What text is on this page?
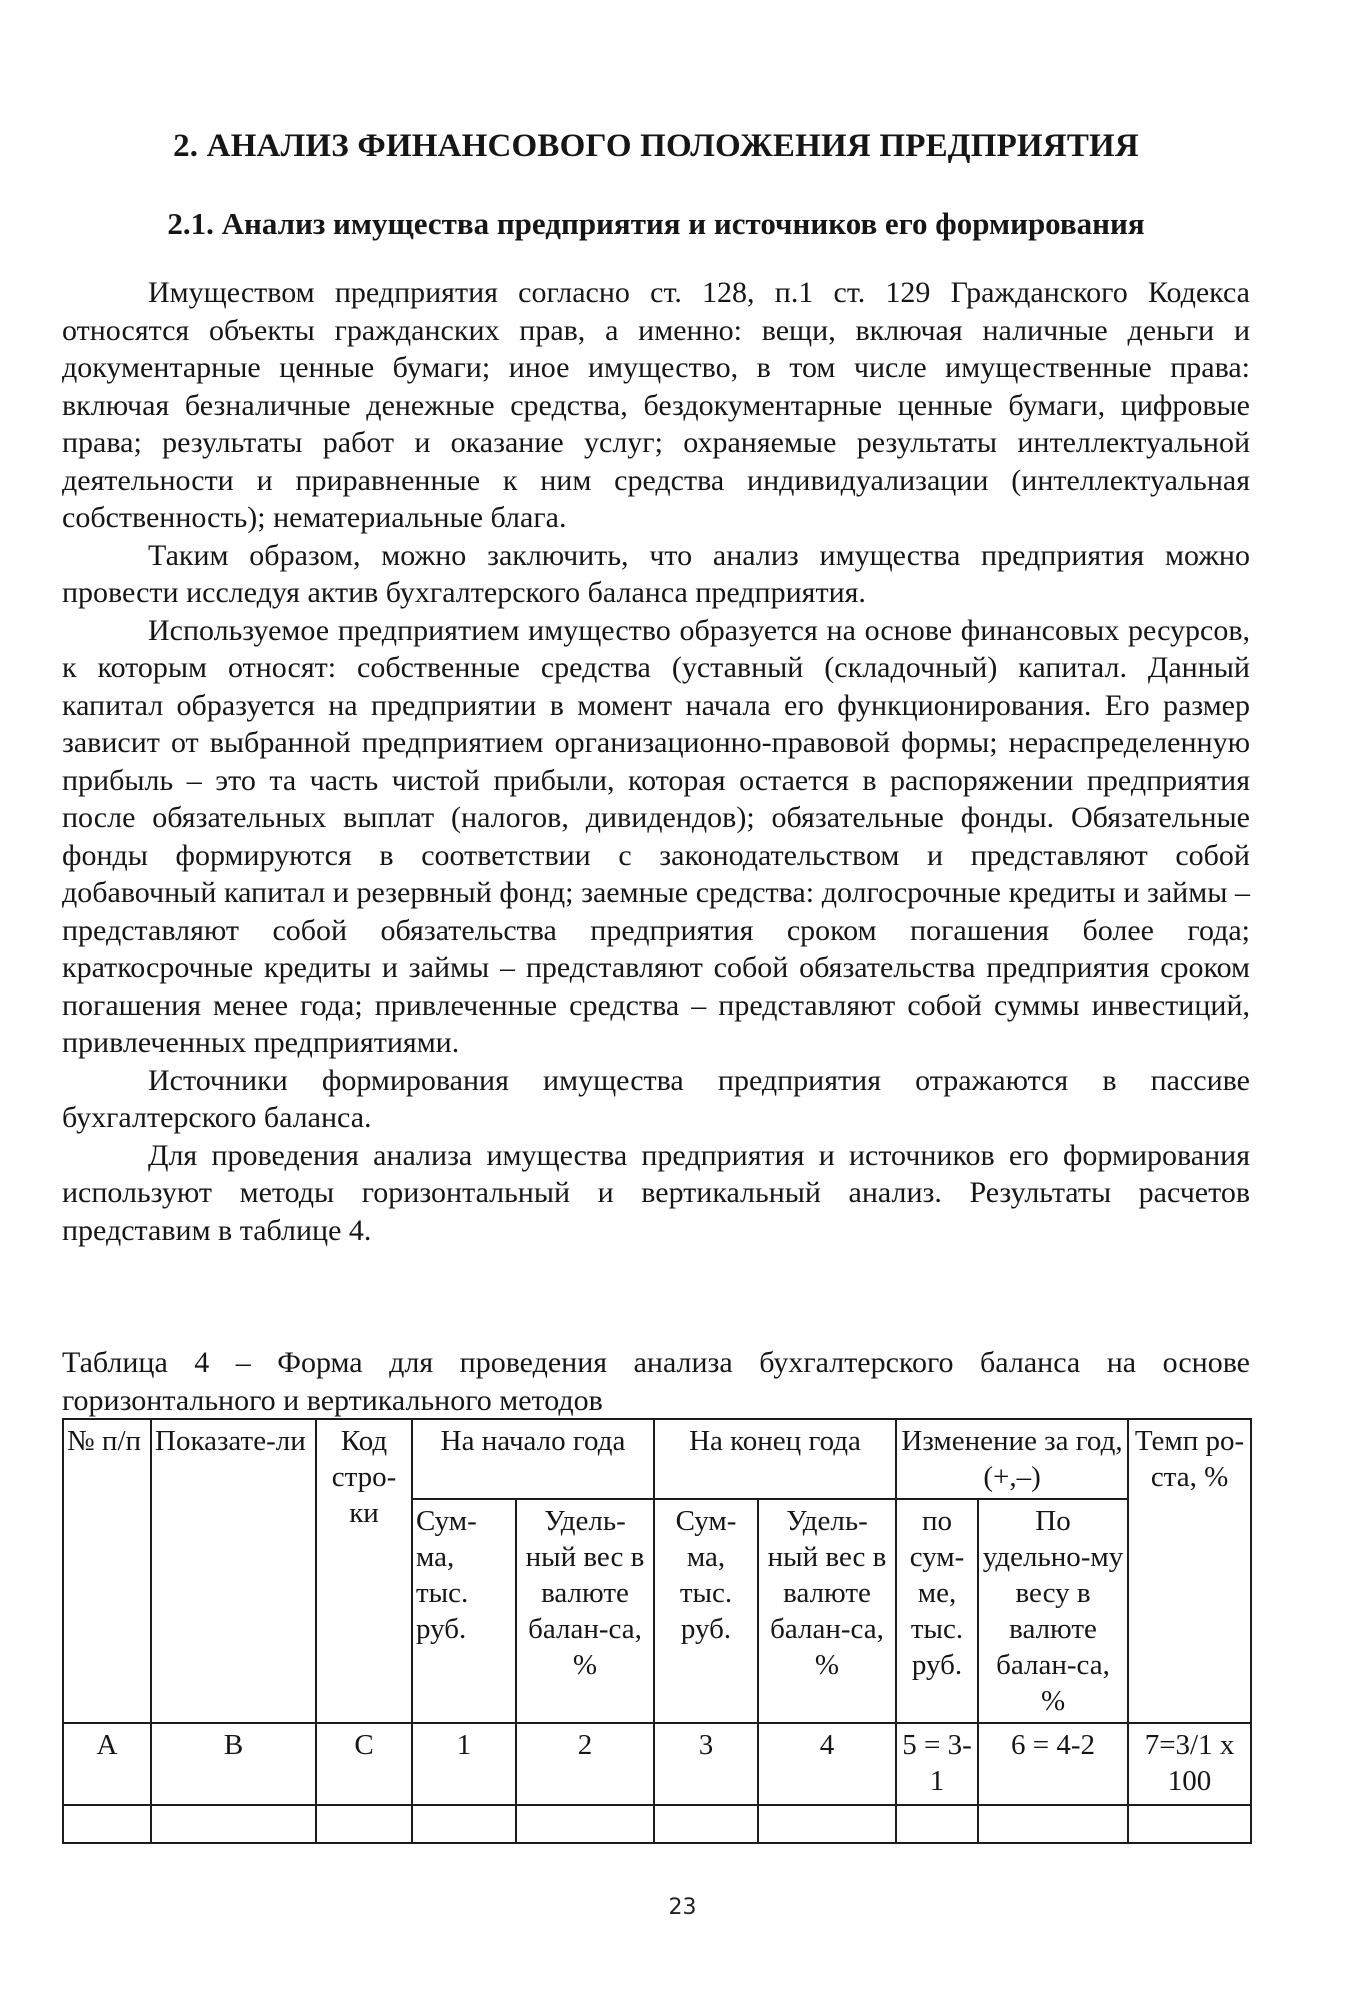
2. АНАЛИЗ ФИНАНСОВОГО ПОЛОЖЕНИЯ ПРЕДПРИЯТИЯ
2.1. Анализ имущества предприятия и источников его формирования

Имуществом предприятия согласно ст. 128, п.1 ст. 129 Гражданского Кодекса относятся объекты гражданских прав, а именно: вещи, включая наличные деньги и документарные ценные бумаги; иное имущество, в том числе имущественные права: включая безналичные денежные средства, бездокументарные ценные бумаги, цифровые права; результаты работ и оказание услуг; охраняемые результаты интеллектуальной деятельности и приравненные к ним средства индивидуализации (интеллектуальная собственность); нематериальные блага.

Таким образом, можно заключить, что анализ имущества предприятия можно провести исследуя актив бухгалтерского баланса предприятия.

Используемое предприятием имущество образуется на основе финансовых ресурсов, к которым относят: собственные средства (уставный (складочный) капитал. Данный капитал образуется на предприятии в момент начала его функционирования. Его размер зависит от выбранной предприятием организационно-правовой формы; нераспределенную прибыль – это та часть чистой прибыли, которая остается в распоряжении предприятия после обязательных выплат (налогов, дивидендов); обязательные фонды. Обязательные фонды формируются в соответствии с законодательством и представляют собой добавочный капитал и резервный фонд; заемные средства: долгосрочные кредиты и займы – представляют собой обязательства предприятия сроком погашения более года; краткосрочные кредиты и займы – представляют собой обязательства предприятия сроком погашения менее года; привлеченные средства – представляют собой суммы инвестиций, привлеченных предприятиями.

Источники формирования имущества предприятия отражаются в пассиве бухгалтерского баланса.

Для проведения анализа имущества предприятия и источников его формирования используют методы горизонтальный и вертикальный анализ. Результаты расчетов представим в таблице 4.

Таблица 4 – Форма для проведения анализа бухгалтерского баланса на основе горизонтального и вертикального методов
№ п/п	Показате-ли	Код стро-ки	На начало года		На конец года		Изменение за год, (+,–)		Темп ро-ста, %
			Сум-ма, тыс. руб.	Удель-ный вес в валюте балан-са, %	Сум-ма, тыс. руб.	Удель-ный вес в валюте балан-са, %	по сум-ме, тыс. руб.	По удельно-му весу в валюте балан-са, %	
А	В	С	1	2	3	4	5 = 3-1	6 = 4-2	7=3/1 х 100

23
